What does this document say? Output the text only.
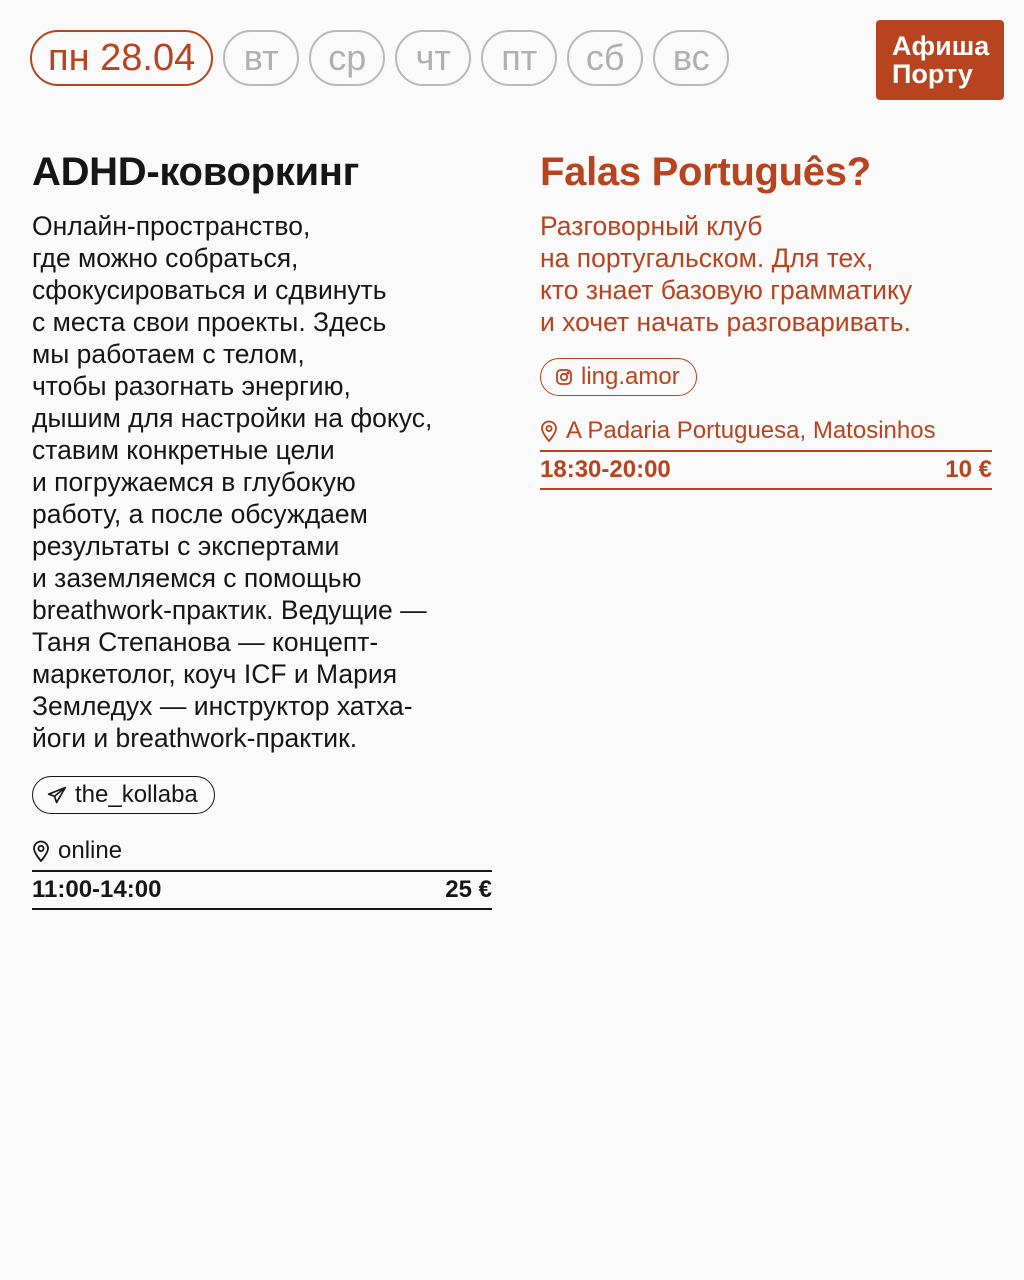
пн 28.04	вт	ср	чт	пт	сб	вс	Афиша
Порту
ADHD-коворкинг

Онлайн-пространство,
где можно собраться,
сфокусироваться и сдвинуть
с места свои проекты. Здесь
мы работаем с телом,
чтобы разогнать энергию,
дышим для настройки на фокус,
ставим конкретные цели
и погружаемся в глубокую
работу, а после обсуждаем
результаты с экспертами
и заземляемся с помощью
breathwork-практик. Ведущие —
Таня Степанова — концепт-
маркетолог, коуч ICF и Мария
Земледух — инструктор хатха-
йоги и breathwork-практик.

the_kollaba
online
11:00-14:00	25 €
Falas Português?

Разговорный клуб
на португальском. Для тех,
кто знает базовую грамматику
и хочет начать разговаривать.

ling.amor
A Padaria Portuguesa, Matosinhos
18:30-20:00	10 €
